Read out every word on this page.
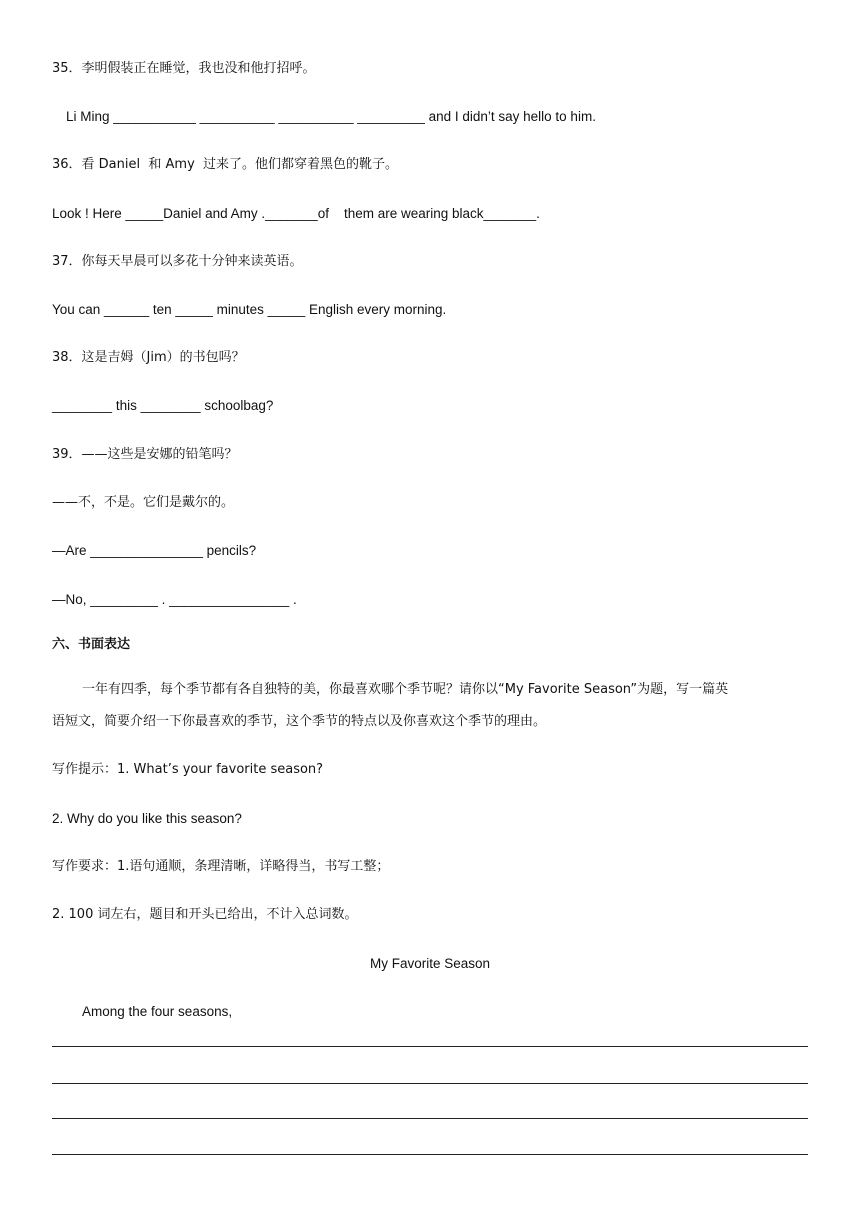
35．李明假装正在睡觉，我也没和他打招呼。
Li Ming ___________ __________ __________ _________ and I didn’t say hello to him.
36．看 Daniel  和 Amy  过来了。他们都穿着黑色的靴子。
Look ! Here _____Daniel and Amy ._______of    them are wearing black_______.
37．你每天早晨可以多花十分钟来读英语。
You can ______ ten _____ minutes _____ English every morning.
38．这是吉姆（Jim）的书包吗？
________ this ________ schoolbag?
39．——这些是安娜的铅笔吗？
——不，不是。它们是戴尔的。
—Are _______________ pencils?
—No, _________ . ________________ .
六、书面表达
一年有四季，每个季节都有各自独特的美，你最喜欢哪个季节呢？请你以“My Favorite Season”为题，写一篇英
语短文，简要介绍一下你最喜欢的季节，这个季节的特点以及你喜欢这个季节的理由。
写作提示：1. What’s your favorite season?
2. Why do you like this season?
写作要求：1.语句通顺，条理清晰，详略得当，书写工整；
2. 100 词左右，题目和开头已给出，不计入总词数。
My Favorite Season
Among the four seasons,
